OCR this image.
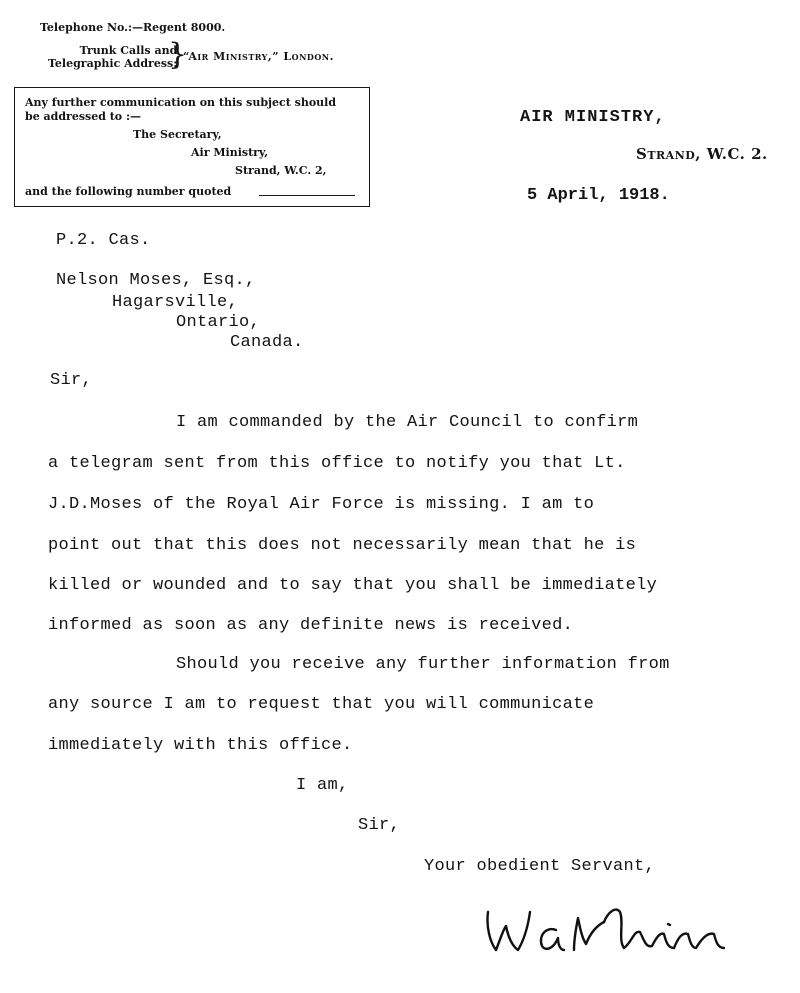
Telephone No.:—Regent 8000.
Trunk Calls and
Telegraphic Address:
}
“Air Ministry,” London.
Any further communication on this subject should
be addressed to :—
The Secretary,
Air Ministry,
Strand, W.C. 2,
and the following number quoted
AIR MINISTRY,
Strand, W.C. 2.
5 April, 1918.
P.2. Cas.
Nelson Moses, Esq.,
Hagarsville,
Ontario,
Canada.
Sir,
I am commanded by the Air Council to confirm
a telegram sent from this office to notify you that Lt.
J.D.Moses of the Royal Air Force is missing. I am to
point out that this does not necessarily mean that he is
killed or wounded and to say that you shall be immediately
informed as soon as any definite news is received.
Should you receive any further information from
any source I am to request that you will communicate
immediately with this office.
I am,
Sir,
Your obedient Servant,
